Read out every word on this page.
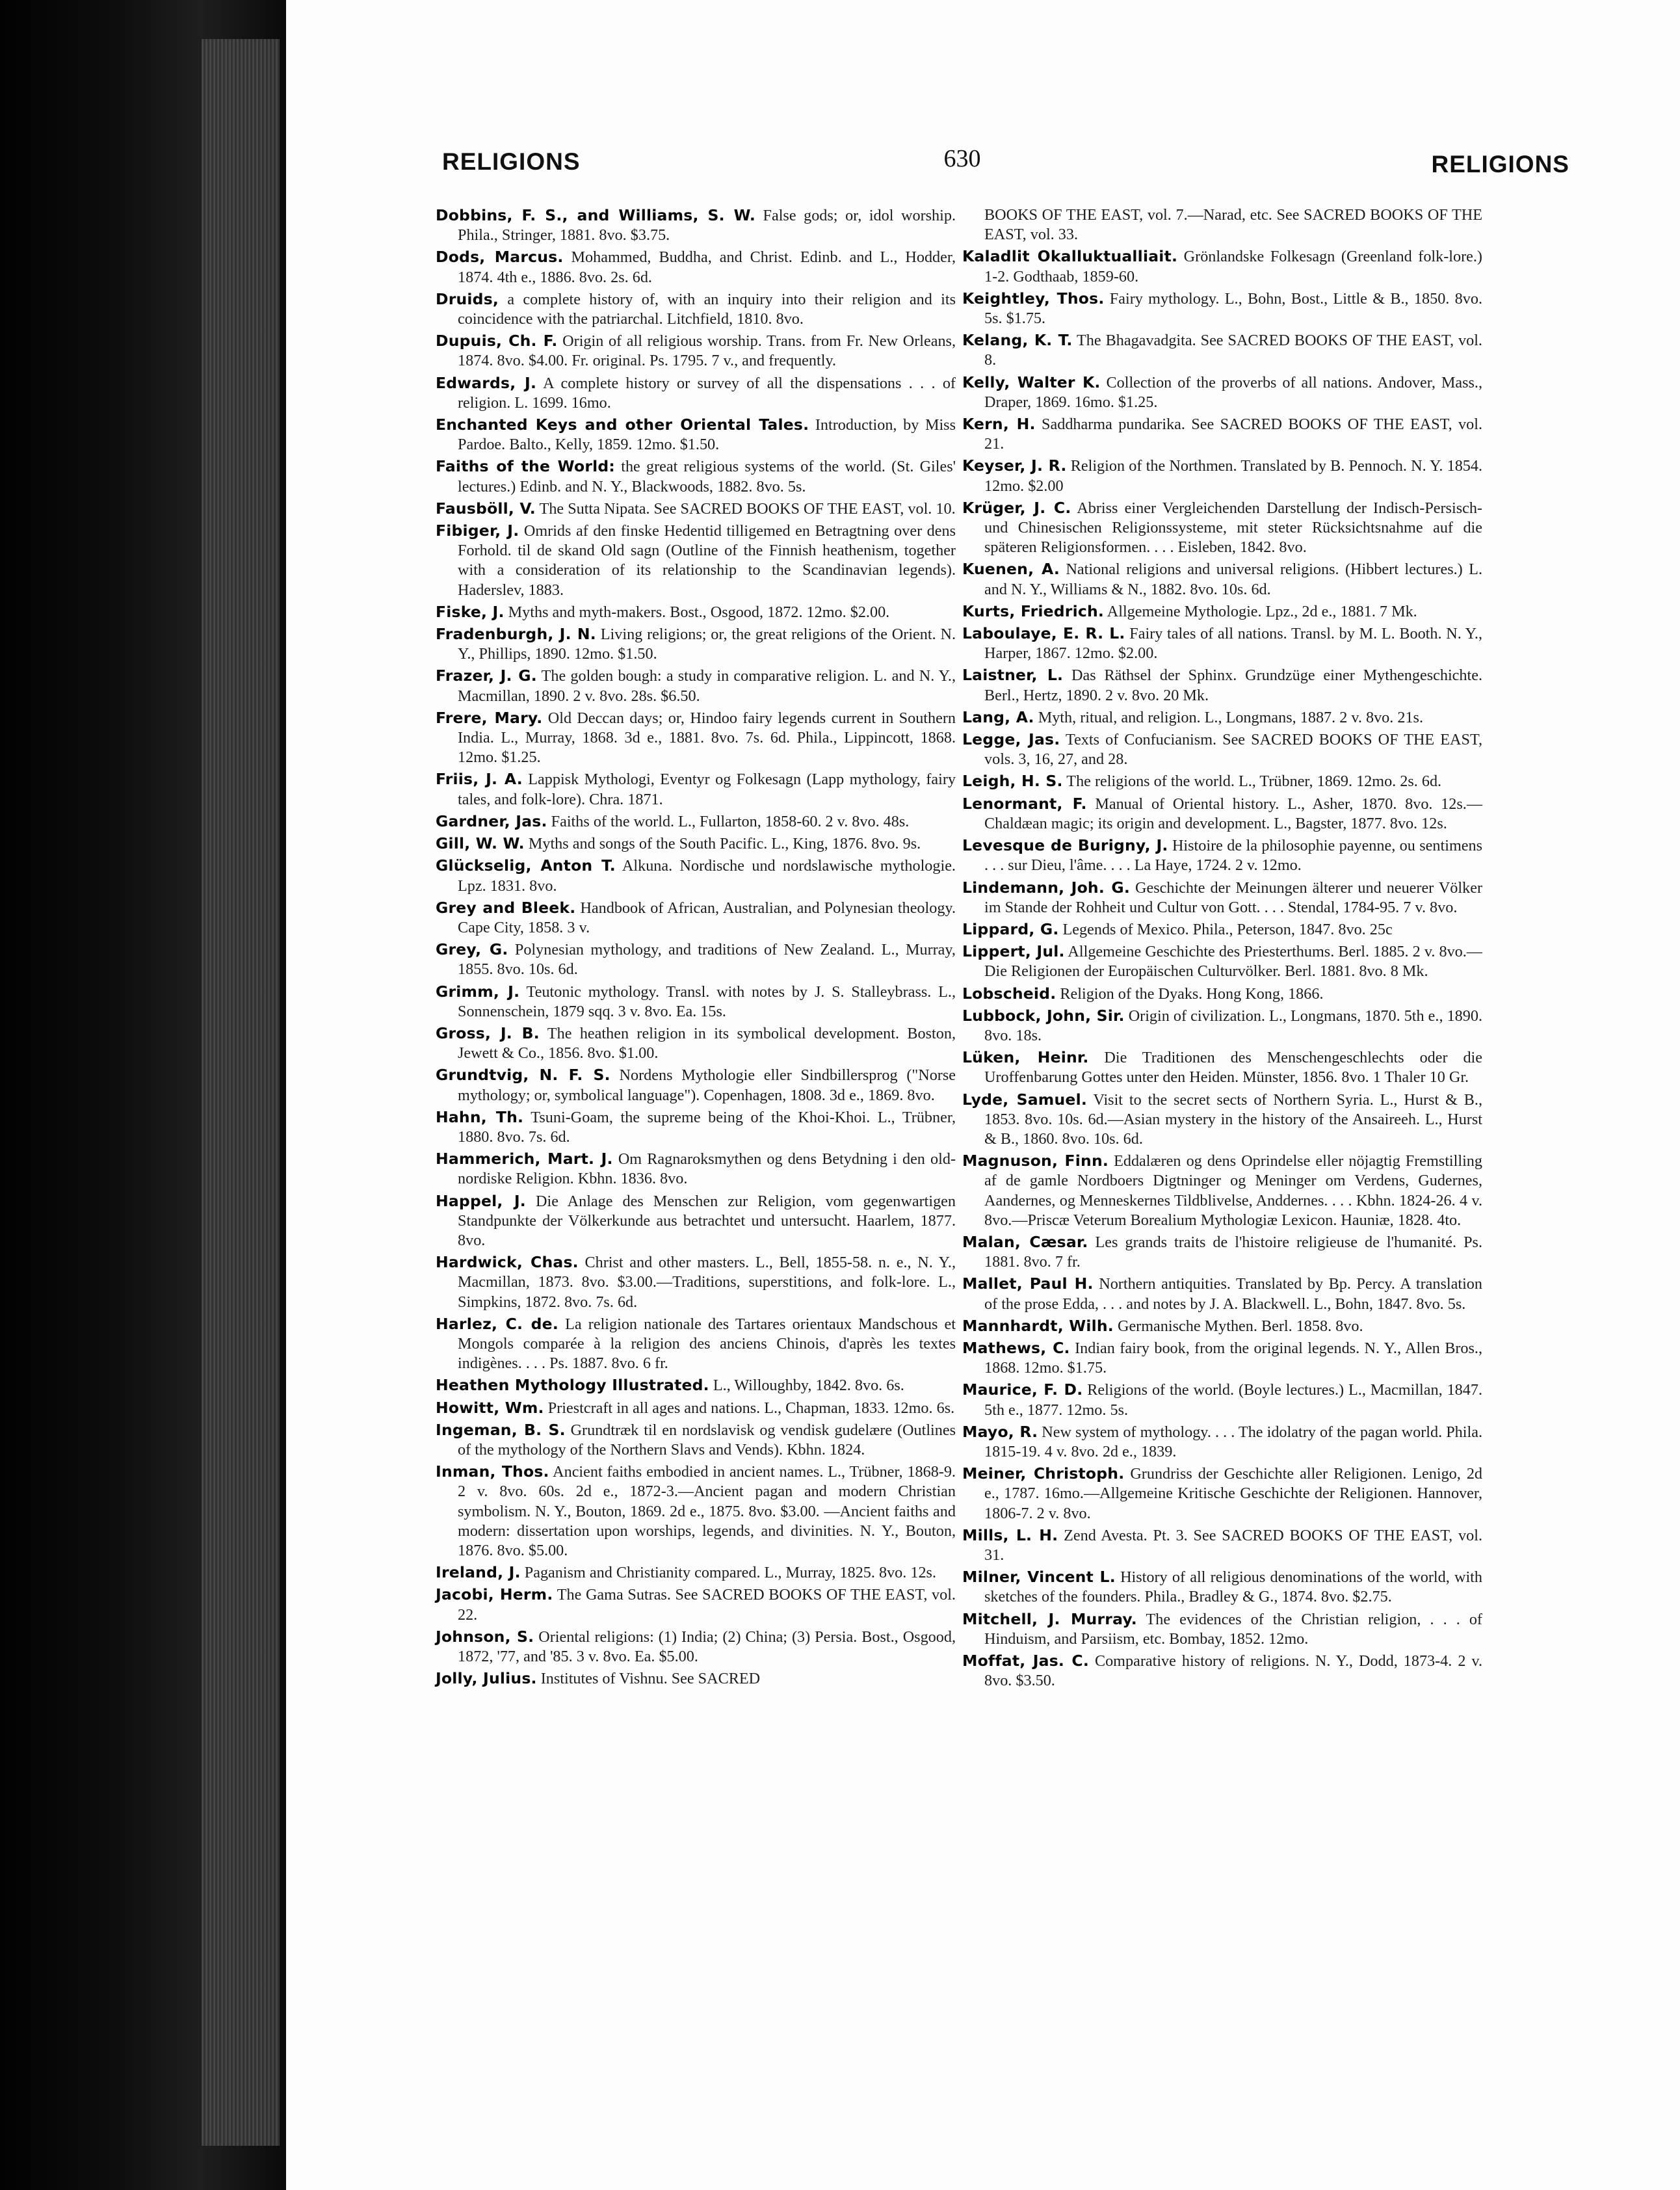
RELIGIONS	630	RELIGIONS

Dobbins, F. S., and Williams, S. W. False gods; or, idol worship. Phila., Stringer, 1881. 8vo. $3.75.

Dods, Marcus. Mohammed, Buddha, and Christ. Edinb. and L., Hodder, 1874. 4th e., 1886. 8vo. 2s. 6d.

Druids, a complete history of, with an inquiry into their religion and its coincidence with the patriarchal. Litchfield, 1810. 8vo.

Dupuis, Ch. F. Origin of all religious worship. Trans. from Fr. New Orleans, 1874. 8vo. $4.00. Fr. original. Ps. 1795. 7 v., and frequently.

Edwards, J. A complete history or survey of all the dispensations . . . of religion. L. 1699. 16mo.

Enchanted Keys and other Oriental Tales. Introduction, by Miss Pardoe. Balto., Kelly, 1859. 12mo. $1.50.

Faiths of the World: the great religious systems of the world. (St. Giles' lectures.) Edinb. and N. Y., Blackwoods, 1882. 8vo. 5s.

Fausböll, V. The Sutta Nipata. See SACRED BOOKS OF THE EAST, vol. 10.

Fibiger, J. Omrids af den finske Hedentid tilligemed en Betragtning over dens Forhold. til de skand Old sagn (Outline of the Finnish heathenism, together with a consideration of its relationship to the Scandinavian legends). Haderslev, 1883.

Fiske, J. Myths and myth-makers. Bost., Osgood, 1872. 12mo. $2.00.

Fradenburgh, J. N. Living religions; or, the great religions of the Orient. N. Y., Phillips, 1890. 12mo. $1.50.

Frazer, J. G. The golden bough: a study in comparative religion. L. and N. Y., Macmillan, 1890. 2 v. 8vo. 28s. $6.50.

Frere, Mary. Old Deccan days; or, Hindoo fairy legends current in Southern India. L., Murray, 1868. 3d e., 1881. 8vo. 7s. 6d. Phila., Lippincott, 1868. 12mo. $1.25.

Friis, J. A. Lappisk Mythologi, Eventyr og Folkesagn (Lapp mythology, fairy tales, and folk-lore). Chra. 1871.

Gardner, Jas. Faiths of the world. L., Fullarton, 1858-60. 2 v. 8vo. 48s.

Gill, W. W. Myths and songs of the South Pacific. L., King, 1876. 8vo. 9s.

Glückselig, Anton T. Alkuna. Nordische und nordslawische mythologie. Lpz. 1831. 8vo.

Grey and Bleek. Handbook of African, Australian, and Polynesian theology. Cape City, 1858. 3 v.

Grey, G. Polynesian mythology, and traditions of New Zealand. L., Murray, 1855. 8vo. 10s. 6d.

Grimm, J. Teutonic mythology. Transl. with notes by J. S. Stalleybrass. L., Sonnenschein, 1879 sqq. 3 v. 8vo. Ea. 15s.

Gross, J. B. The heathen religion in its symbolical development. Boston, Jewett & Co., 1856. 8vo. $1.00.

Grundtvig, N. F. S. Nordens Mythologie eller Sindbillersprog ("Norse mythology; or, symbolical language"). Copenhagen, 1808. 3d e., 1869. 8vo.

Hahn, Th. Tsuni-Goam, the supreme being of the Khoi-Khoi. L., Trübner, 1880. 8vo. 7s. 6d.

Hammerich, Mart. J. Om Ragnaroksmythen og dens Betydning i den old-nordiske Religion. Kbhn. 1836. 8vo.

Happel, J. Die Anlage des Menschen zur Religion, vom gegenwartigen Standpunkte der Völkerkunde aus betrachtet und untersucht. Haarlem, 1877. 8vo.

Hardwick, Chas. Christ and other masters. L., Bell, 1855-58. n. e., N. Y., Macmillan, 1873. 8vo. $3.00.—Traditions, superstitions, and folk-lore. L., Simpkins, 1872. 8vo. 7s. 6d.

Harlez, C. de. La religion nationale des Tartares orientaux Mandschous et Mongols comparée à la religion des anciens Chinois, d'après les textes indigènes. . . . Ps. 1887. 8vo. 6 fr.

Heathen Mythology Illustrated. L., Willoughby, 1842. 8vo. 6s.

Howitt, Wm. Priestcraft in all ages and nations. L., Chapman, 1833. 12mo. 6s.

Ingeman, B. S. Grundtræk til en nordslavisk og vendisk gudelære (Outlines of the mythology of the Northern Slavs and Vends). Kbhn. 1824.

Inman, Thos. Ancient faiths embodied in ancient names. L., Trübner, 1868-9. 2 v. 8vo. 60s. 2d e., 1872-3.—Ancient pagan and modern Christian symbolism. N. Y., Bouton, 1869. 2d e., 1875. 8vo. $3.00. —Ancient faiths and modern: dissertation upon worships, legends, and divinities. N. Y., Bouton, 1876. 8vo. $5.00.

Ireland, J. Paganism and Christianity compared. L., Murray, 1825. 8vo. 12s.

Jacobi, Herm. The Gama Sutras. See SACRED BOOKS OF THE EAST, vol. 22.

Johnson, S. Oriental religions: (1) India; (2) China; (3) Persia. Bost., Osgood, 1872, '77, and '85. 3 v. 8vo. Ea. $5.00.

Jolly, Julius. Institutes of Vishnu. See SACRED

BOOKS OF THE EAST, vol. 7.—Narad, etc. See SACRED BOOKS OF THE EAST, vol. 33.

Kaladlit Okalluktualliait. Grönlandske Folkesagn (Greenland folk-lore.) 1-2. Godthaab, 1859-60.

Keightley, Thos. Fairy mythology. L., Bohn, Bost., Little & B., 1850. 8vo. 5s. $1.75.

Kelang, K. T. The Bhagavadgita. See SACRED BOOKS OF THE EAST, vol. 8.

Kelly, Walter K. Collection of the proverbs of all nations. Andover, Mass., Draper, 1869. 16mo. $1.25.

Kern, H. Saddharma pundarika. See SACRED BOOKS OF THE EAST, vol. 21.

Keyser, J. R. Religion of the Northmen. Translated by B. Pennoch. N. Y. 1854. 12mo. $2.00

Krüger, J. C. Abriss einer Vergleichenden Darstellung der Indisch-Persisch- und Chinesischen Religionssysteme, mit steter Rücksichtsnahme auf die späteren Religionsformen. . . . Eisleben, 1842. 8vo.

Kuenen, A. National religions and universal religions. (Hibbert lectures.) L. and N. Y., Williams & N., 1882. 8vo. 10s. 6d.

Kurts, Friedrich. Allgemeine Mythologie. Lpz., 2d e., 1881. 7 Mk.

Laboulaye, E. R. L. Fairy tales of all nations. Transl. by M. L. Booth. N. Y., Harper, 1867. 12mo. $2.00.

Laistner, L. Das Räthsel der Sphinx. Grundzüge einer Mythengeschichte. Berl., Hertz, 1890. 2 v. 8vo. 20 Mk.

Lang, A. Myth, ritual, and religion. L., Longmans, 1887. 2 v. 8vo. 21s.

Legge, Jas. Texts of Confucianism. See SACRED BOOKS OF THE EAST, vols. 3, 16, 27, and 28.

Leigh, H. S. The religions of the world. L., Trübner, 1869. 12mo. 2s. 6d.

Lenormant, F. Manual of Oriental history. L., Asher, 1870. 8vo. 12s.—Chaldæan magic; its origin and development. L., Bagster, 1877. 8vo. 12s.

Levesque de Burigny, J. Histoire de la philosophie payenne, ou sentimens . . . sur Dieu, l'âme. . . . La Haye, 1724. 2 v. 12mo.

Lindemann, Joh. G. Geschichte der Meinungen älterer und neuerer Völker im Stande der Rohheit und Cultur von Gott. . . . Stendal, 1784-95. 7 v. 8vo.

Lippard, G. Legends of Mexico. Phila., Peterson, 1847. 8vo. 25c

Lippert, Jul. Allgemeine Geschichte des Priesterthums. Berl. 1885. 2 v. 8vo.—Die Religionen der Europäischen Culturvölker. Berl. 1881. 8vo. 8 Mk.

Lobscheid. Religion of the Dyaks. Hong Kong, 1866.

Lubbock, John, Sir. Origin of civilization. L., Longmans, 1870. 5th e., 1890. 8vo. 18s.

Lüken, Heinr. Die Traditionen des Menschengeschlechts oder die Uroffenbarung Gottes unter den Heiden. Münster, 1856. 8vo. 1 Thaler 10 Gr.

Lyde, Samuel. Visit to the secret sects of Northern Syria. L., Hurst & B., 1853. 8vo. 10s. 6d.—Asian mystery in the history of the Ansaireeh. L., Hurst & B., 1860. 8vo. 10s. 6d.

Magnuson, Finn. Eddalæren og dens Oprindelse eller nöjagtig Fremstilling af de gamle Nordboers Digtninger og Meninger om Verdens, Gudernes, Aandernes, og Menneskernes Tildblivelse, Anddernes. . . . Kbhn. 1824-26. 4 v. 8vo.—Priscæ Veterum Borealium Mythologiæ Lexicon. Hauniæ, 1828. 4to.

Malan, Cæsar. Les grands traits de l'histoire religieuse de l'humanité. Ps. 1881. 8vo. 7 fr.

Mallet, Paul H. Northern antiquities. Translated by Bp. Percy. A translation of the prose Edda, . . . and notes by J. A. Blackwell. L., Bohn, 1847. 8vo. 5s.

Mannhardt, Wilh. Germanische Mythen. Berl. 1858. 8vo.

Mathews, C. Indian fairy book, from the original legends. N. Y., Allen Bros., 1868. 12mo. $1.75.

Maurice, F. D. Religions of the world. (Boyle lectures.) L., Macmillan, 1847. 5th e., 1877. 12mo. 5s.

Mayo, R. New system of mythology. . . . The idolatry of the pagan world. Phila. 1815-19. 4 v. 8vo. 2d e., 1839.

Meiner, Christoph. Grundriss der Geschichte aller Religionen. Lenigo, 2d e., 1787. 16mo.—Allgemeine Kritische Geschichte der Religionen. Hannover, 1806-7. 2 v. 8vo.

Mills, L. H. Zend Avesta. Pt. 3. See SACRED BOOKS OF THE EAST, vol. 31.

Milner, Vincent L. History of all religious denominations of the world, with sketches of the founders. Phila., Bradley & G., 1874. 8vo. $2.75.

Mitchell, J. Murray. The evidences of the Christian religion, . . . of Hinduism, and Parsiism, etc. Bombay, 1852. 12mo.

Moffat, Jas. C. Comparative history of religions. N. Y., Dodd, 1873-4. 2 v. 8vo. $3.50.
